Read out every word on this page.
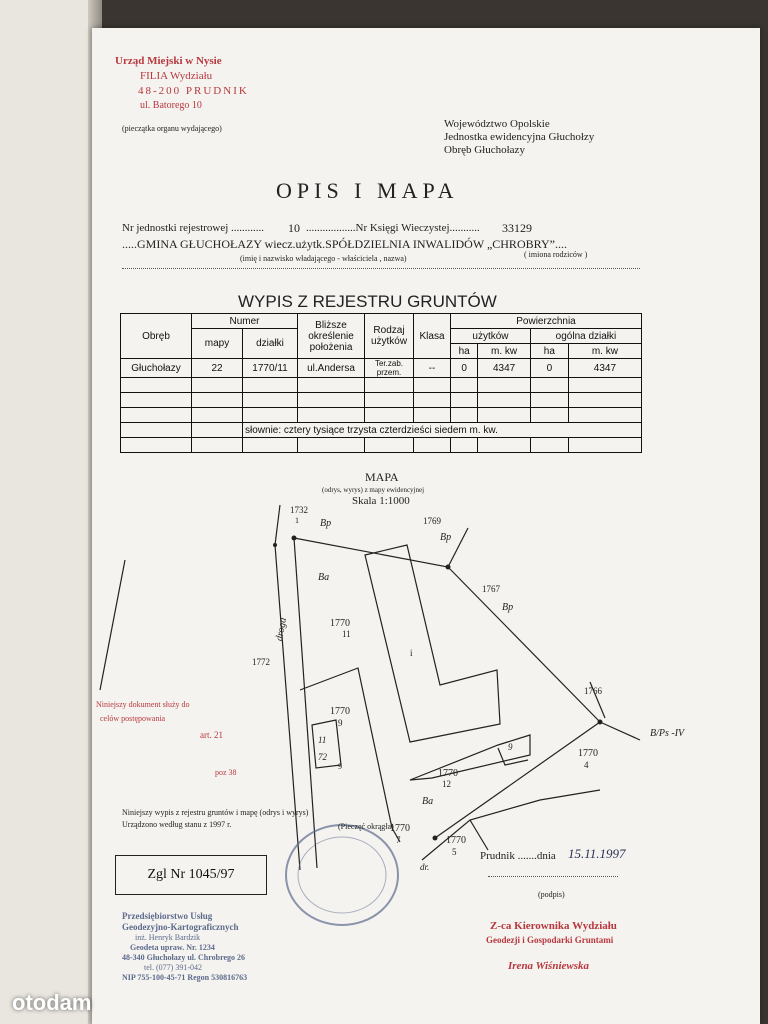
Urząd Miejski w Nysie
FILIA Wydziału
48-200 PRUDNIK
ul. Batorego 10
(pieczątka organu wydającego)	Województwo Opolskie
Jednostka ewidencyjna Głuchołzy
Obręb Głuchołazy
OPIS I MAPA
Nr jednostki rejestrowej ............ 10 ..................Nr Księgi Wieczystej........... 33129
.....GMINA GŁUCHOŁAZY wiecz.użytk.SPÓŁDZIELNIA INWALIDÓW „CHROBRY”....
(imię i nazwisko władającego - właściciela , nazwa)	( imiona rodziców )
WYPIS Z REJESTRU GRUNTÓW
Obręb	Numer		Bliższe określenie położenia	Rodzaj użytków	Klasa	Powierzchnia			
	mapy	działki				użytków		ogólna działki	
						ha	m. kw	ha	m. kw
Głuchołazy	22	1770/11	ul.Andersa	Ter.zab. przem.	--	0	4347	0	4347

		słownie: cztery tysiące trzysta czterdzieści siedem m. kw.							

MAPA
(odrys, wyrys) z mapy ewidencyjnej
Skala 1:1000
1732
1 Bp	1769
Bp
Ba
droga	1770
11
1767
Bp
1772
i
1766
1770
9
11
72
9
B/Ps -IV
9
1770
4
1770
12
Ba
1770
7	1770
5
dr.
Niniejszy dokument służy do
celów postępowania
art. 21
poz 38
Niniejszy wypis z rejestru gruntów i mapę (odrys i wyrys)
Urządzono według stanu z 1997 r.	(Pieczęć okrągła)
Zgl Nr 1045/97
Prudnik .......dnia 15.11.1997
(podpis)
Przedsiębiorstwo Usług
Geodezyjno-Kartograficznych
inż. Henryk Bardzik
Geodeta upraw. Nr. 1234
48-340 Głuchołazy ul. Chrobrego 26
tel. (077) 391-042
NIP 755-100-45-71 Regon 530816763
Z-ca Kierownika Wydziału
Geodezji i Gospodarki Gruntami
Irena Wiśniewska
otodam
